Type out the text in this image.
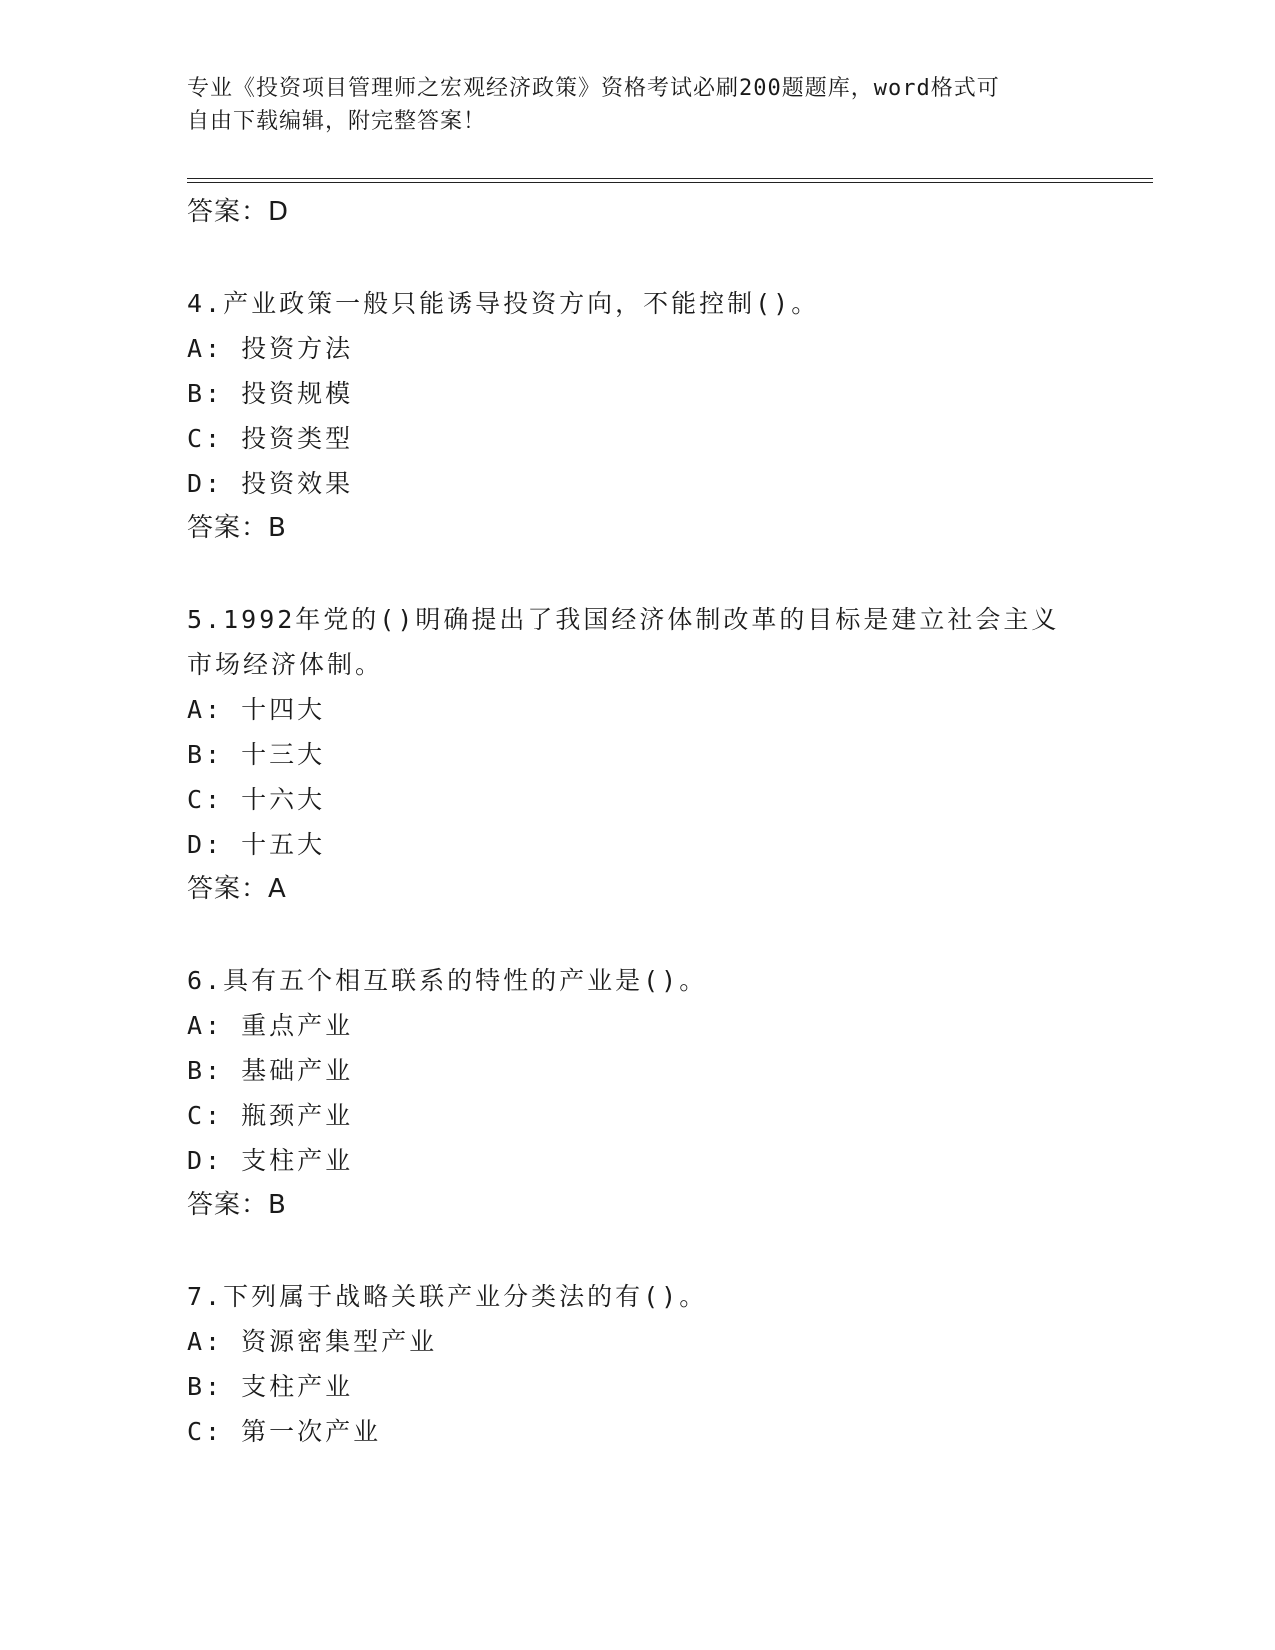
专业《投资项目管理师之宏观经济政策》资格考试必刷200题题库，word格式可
自由下载编辑，附完整答案！
答案：D
4.产业政策一般只能诱导投资方向，不能控制()。
A: 投资方法
B: 投资规模
C: 投资类型
D: 投资效果
答案：B
5.1992年党的()明确提出了我国经济体制改革的目标是建立社会主义市场经济体制。
A: 十四大
B: 十三大
C: 十六大
D: 十五大
答案：A
6.具有五个相互联系的特性的产业是()。
A: 重点产业
B: 基础产业
C: 瓶颈产业
D: 支柱产业
答案：B
7.下列属于战略关联产业分类法的有()。
A: 资源密集型产业
B: 支柱产业
C: 第一次产业
